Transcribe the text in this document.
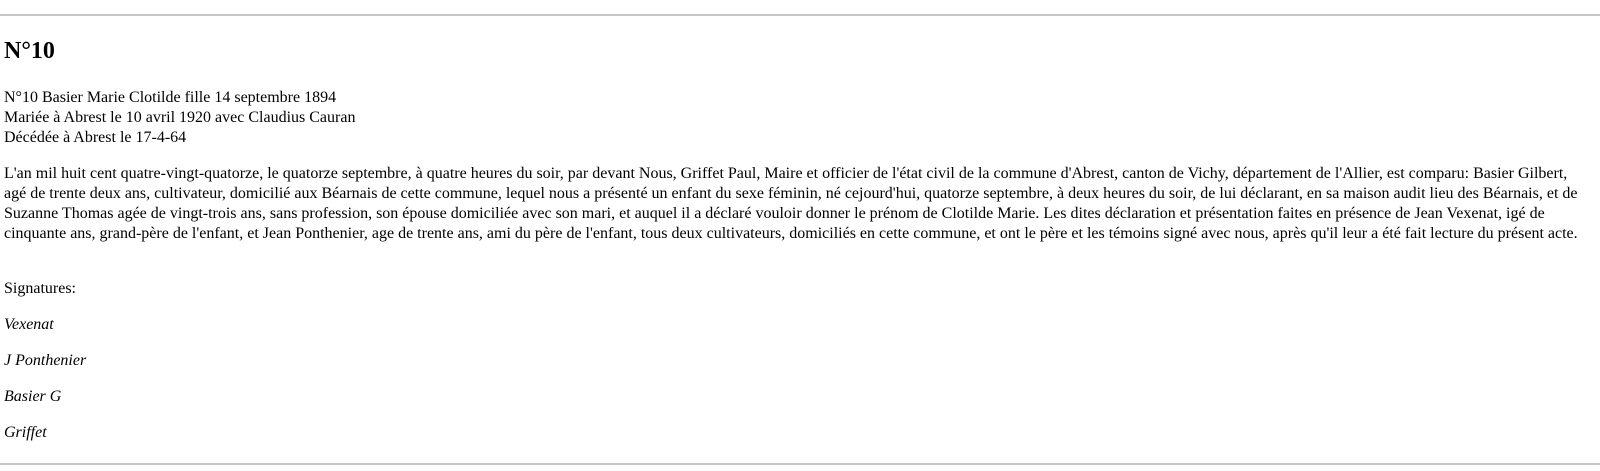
N°10
N°10 Basier Marie Clotilde fille 14 septembre 1894
Mariée à Abrest le 10 avril 1920 avec Claudius Cauran
Décédée à Abrest le 17-4-64

L'an mil huit cent quatre-vingt-quatorze, le quatorze septembre, à quatre heures du soir, par devant Nous, Griffet Paul, Maire et officier de l'état civil de la commune d'Abrest, canton de Vichy, département de l'Allier, est comparu: Basier Gilbert, agé de trente deux ans, cultivateur, domicilié aux Béarnais de cette commune, lequel nous a présenté un enfant du sexe féminin, né cejourd'hui, quatorze septembre, à deux heures du soir, de lui déclarant, en sa maison audit lieu des Béarnais, et de Suzanne Thomas agée de vingt-trois ans, sans profession, son épouse domiciliée avec son mari, et auquel il a déclaré vouloir donner le prénom de Clotilde Marie. Les dites déclaration et présentation faites en présence de Jean Vexenat, igé de cinquante ans, grand-père de l'enfant, et Jean Ponthenier, age de trente ans, ami du père de l'enfant, tous deux cultivateurs, domiciliés en cette commune, et ont le père et les témoins signé avec nous, après qu'il leur a été fait lecture du présent acte.

Signatures:

Vexenat

J Ponthenier

Basier G

Griffet
